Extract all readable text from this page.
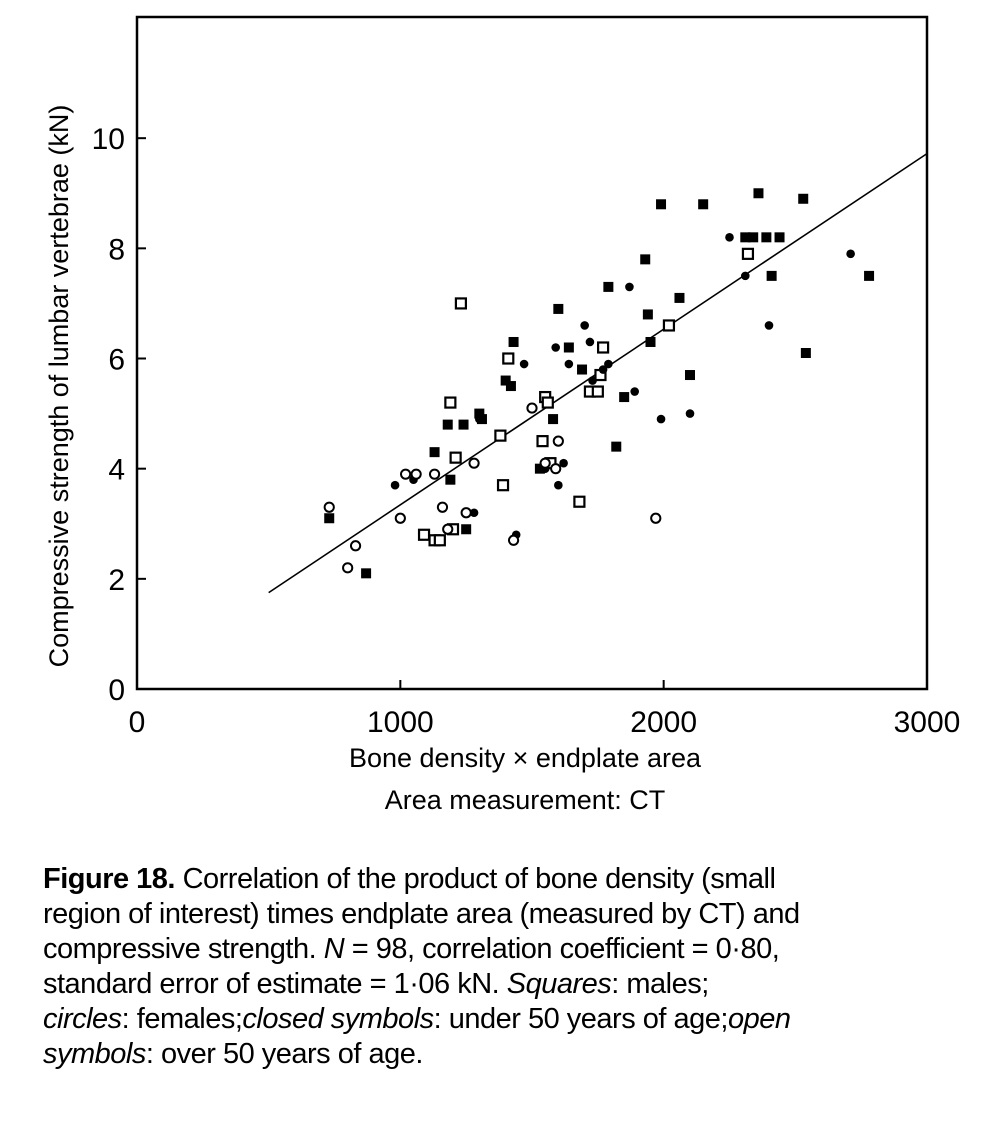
0
2
4
6
8
10
0	1000	2000	3000
Compressive strength of lumbar vertebrae (kN)
Bone density × endplate area
Area measurement: CT
Figure 18. Correlation of the product of bone density (small
region of interest) times endplate area (measured by CT) and
compressive strength. N = 98, correlation coefficient = 0·80,
standard error of estimate = 1·06 kN. Squares: males;
circles: females;closed symbols: under 50 years of age;open
symbols: over 50 years of age.
